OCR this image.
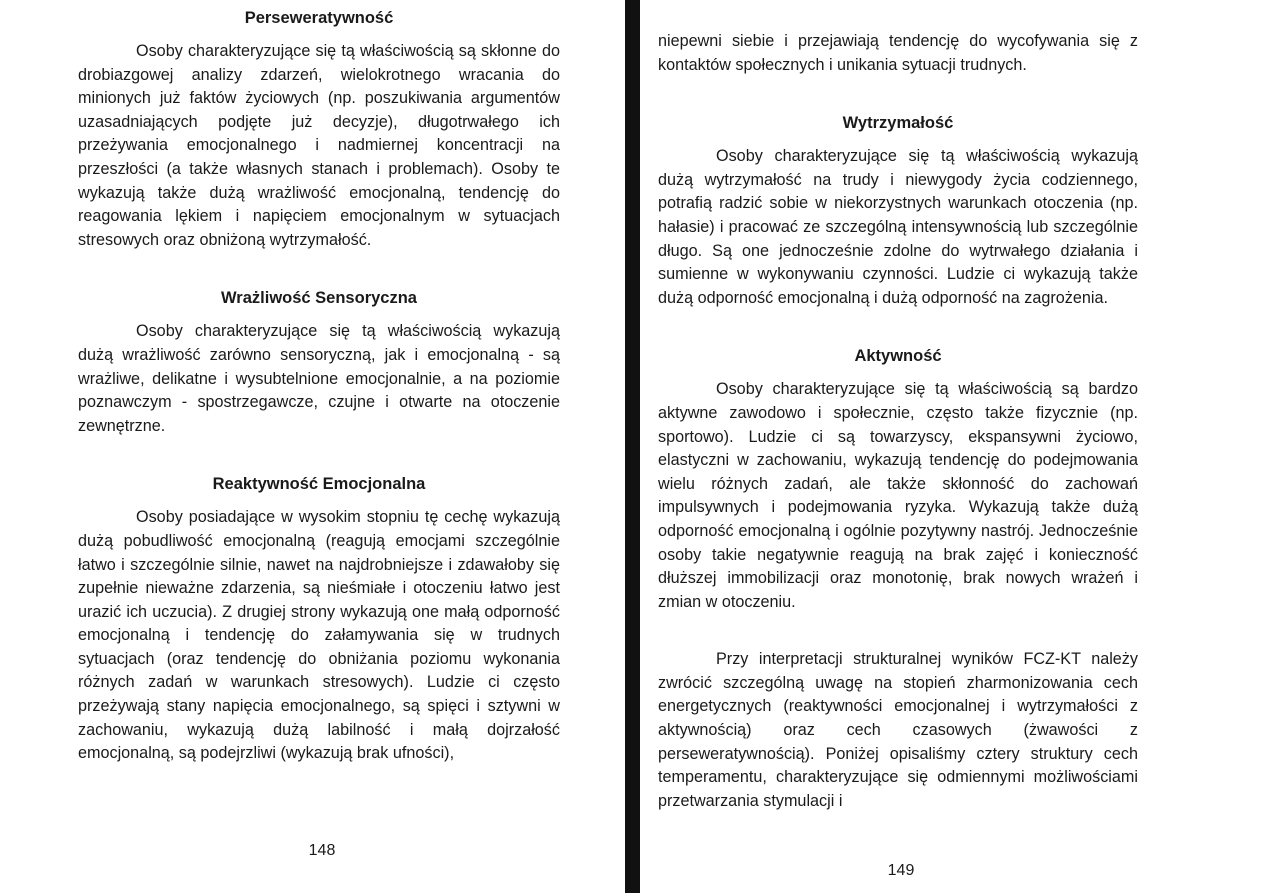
Perseweratywność

Osoby charakteryzujące się tą właściwością są skłonne do drobiazgowej analizy zdarzeń, wielokrotnego wracania do minionych już faktów życiowych (np. poszukiwania argumentów uzasadniających podjęte już decyzje), długotrwałego ich przeżywania emocjonalnego i nadmiernej koncentracji na przeszłości (a także własnych stanach i problemach). Osoby te wykazują także dużą wrażliwość emocjonalną, tendencję do reagowania lękiem i napięciem emocjonalnym w sytuacjach stresowych oraz obniżoną wytrzymałość.

Wrażliwość Sensoryczna

Osoby charakteryzujące się tą właściwością wykazują dużą wrażliwość zarówno sensoryczną, jak i emocjonalną - są wrażliwe, delikatne i wysubtelnione emocjonalnie, a na poziomie poznawczym - spostrzegawcze, czujne i otwarte na otoczenie zewnętrzne.

Reaktywność Emocjonalna

Osoby posiadające w wysokim stopniu tę cechę wykazują dużą pobudliwość emocjonalną (reagują emocjami szczególnie łatwo i szczególnie silnie, nawet na najdrobniejsze i zdawałoby się zupełnie nieważne zdarzenia, są nieśmiałe i otoczeniu łatwo jest urazić ich uczucia). Z drugiej strony wykazują one małą odporność emocjonalną i tendencję do załamywania się w trudnych sytuacjach (oraz tendencję do obniżania poziomu wykonania różnych zadań w warunkach stresowych). Ludzie ci często przeżywają stany napięcia emocjonalnego, są spięci i sztywni w zachowaniu, wykazują dużą labilność i małą dojrzałość emocjonalną, są podejrzliwi (wykazują brak ufności),

148

niepewni siebie i przejawiają tendencję do wycofywania się z kontaktów społecznych i unikania sytuacji trudnych.

Wytrzymałość

Osoby charakteryzujące się tą właściwością wykazują dużą wytrzymałość na trudy i niewygody życia codziennego, potrafią radzić sobie w niekorzystnych warunkach otoczenia (np. hałasie) i pracować ze szczególną intensywnością lub szczególnie długo. Są one jednocześnie zdolne do wytrwałego działania i sumienne w wykonywaniu czynności. Ludzie ci wykazują także dużą odporność emocjonalną i dużą odporność na zagrożenia.

Aktywność

Osoby charakteryzujące się tą właściwością są bardzo aktywne zawodowo i społecznie, często także fizycznie (np. sportowo). Ludzie ci są towarzyscy, ekspansywni życiowo, elastyczni w zachowaniu, wykazują tendencję do podejmowania wielu różnych zadań, ale także skłonność do zachowań impulsywnych i podejmowania ryzyka. Wykazują także dużą odporność emocjonalną i ogólnie pozytywny nastrój. Jednocześnie osoby takie negatywnie reagują na brak zajęć i konieczność dłuższej immobilizacji oraz monotonię, brak nowych wrażeń i zmian w otoczeniu.

Przy interpretacji strukturalnej wyników FCZ-KT należy zwrócić szczególną uwagę na stopień zharmonizowania cech energetycznych (reaktywności emocjonalnej i wytrzymałości z aktywnością) oraz cech czasowych (żwawości z perseweratywnością). Poniżej opisaliśmy cztery struktury cech temperamentu, charakteryzujące się odmiennymi możliwościami przetwarzania stymulacji i

149
